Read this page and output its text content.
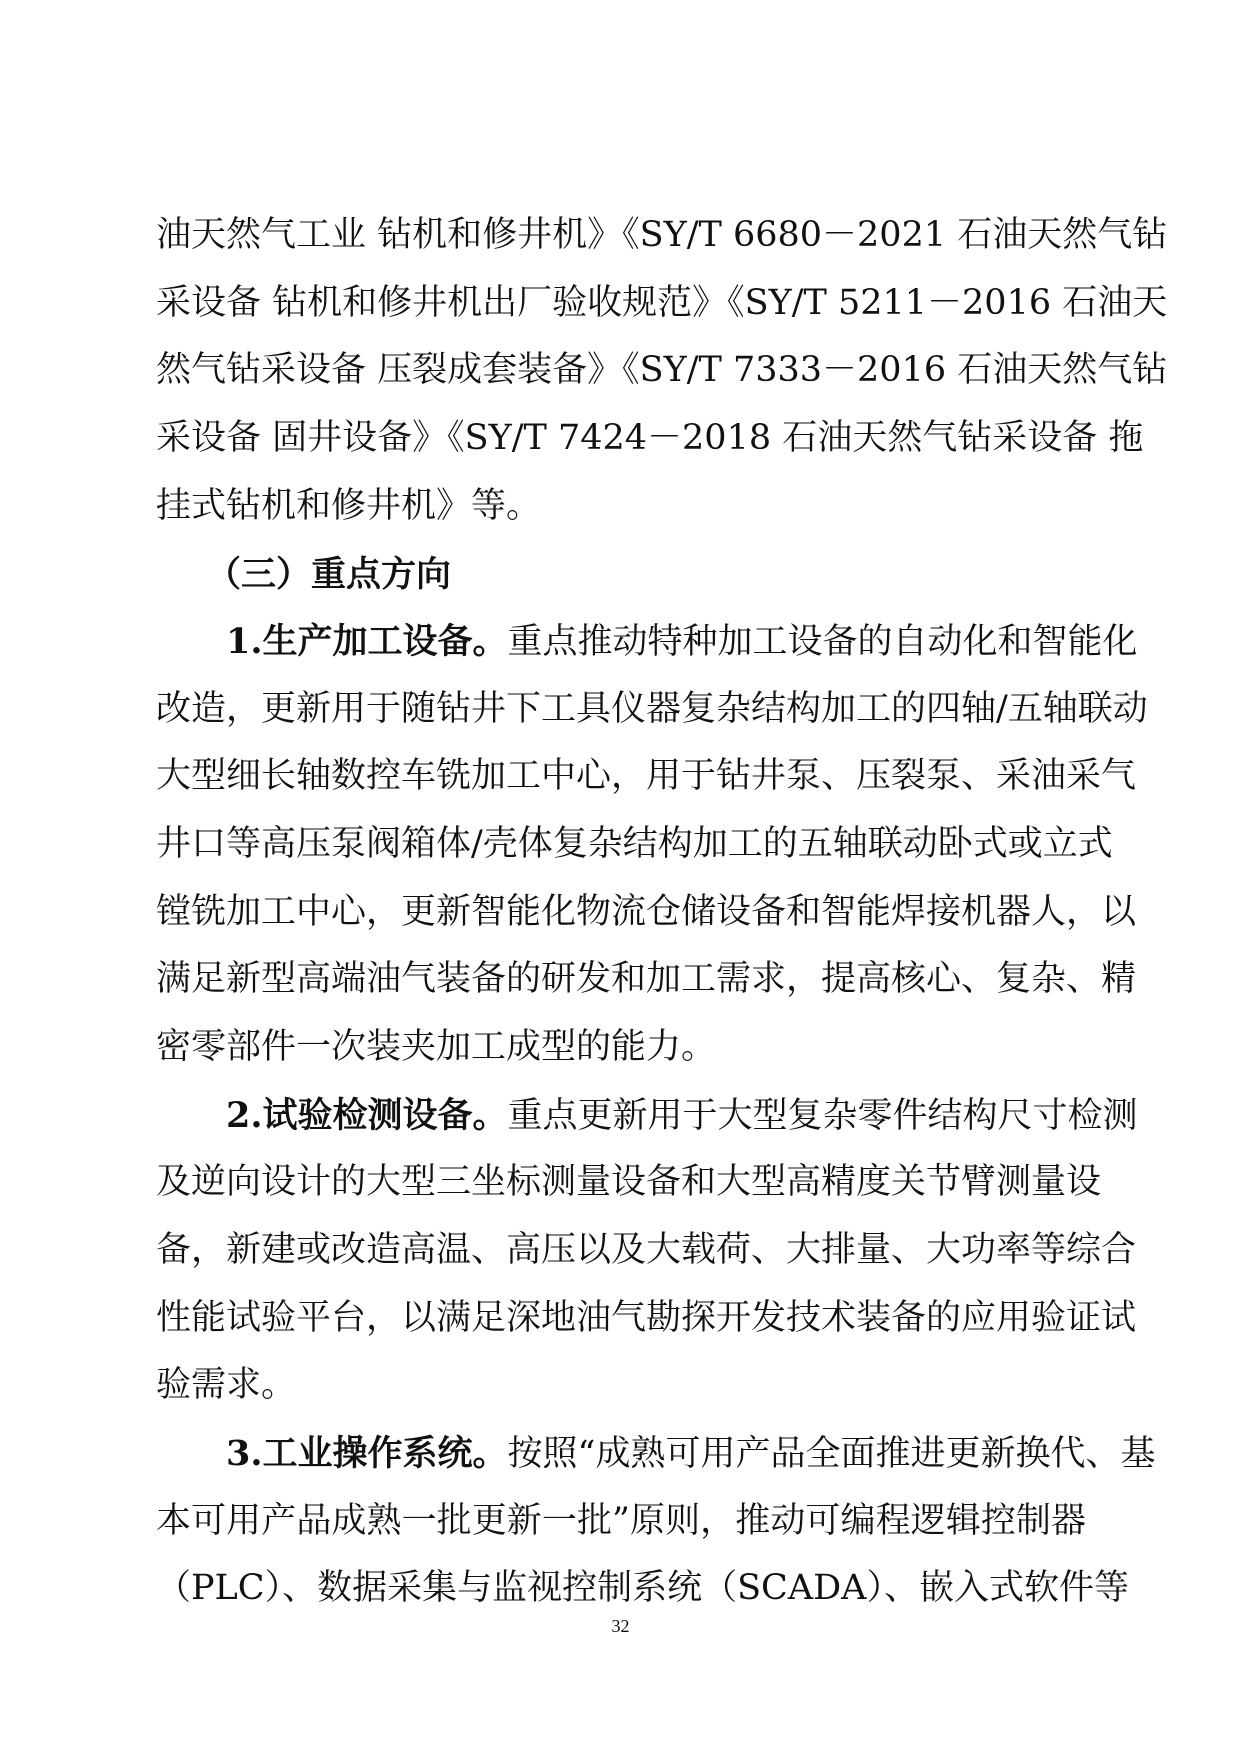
油天然气工业 钻机和修井机》《SY/T 6680－2021 石油天然气钻
采设备 钻机和修井机出厂验收规范》《SY/T 5211－2016 石油天
然气钻采设备 压裂成套装备》《SY/T 7333－2016 石油天然气钻
采设备 固井设备》《SY/T 7424－2018 石油天然气钻采设备 拖
挂式钻机和修井机》等。
（三）重点方向
1.生产加工设备。重点推动特种加工设备的自动化和智能化
改造，更新用于随钻井下工具仪器复杂结构加工的四轴/五轴联动
大型细长轴数控车铣加工中心，用于钻井泵、压裂泵、采油采气
井口等高压泵阀箱体/壳体复杂结构加工的五轴联动卧式或立式
镗铣加工中心，更新智能化物流仓储设备和智能焊接机器人，以
满足新型高端油气装备的研发和加工需求，提高核心、复杂、精
密零部件一次装夹加工成型的能力。
2.试验检测设备。重点更新用于大型复杂零件结构尺寸检测
及逆向设计的大型三坐标测量设备和大型高精度关节臂测量设
备，新建或改造高温、高压以及大载荷、大排量、大功率等综合
性能试验平台，以满足深地油气勘探开发技术装备的应用验证试
验需求。
3.工业操作系统。按照“成熟可用产品全面推进更新换代、基
本可用产品成熟一批更新一批”原则，推动可编程逻辑控制器
（PLC）、数据采集与监视控制系统（SCADA）、嵌入式软件等
32
